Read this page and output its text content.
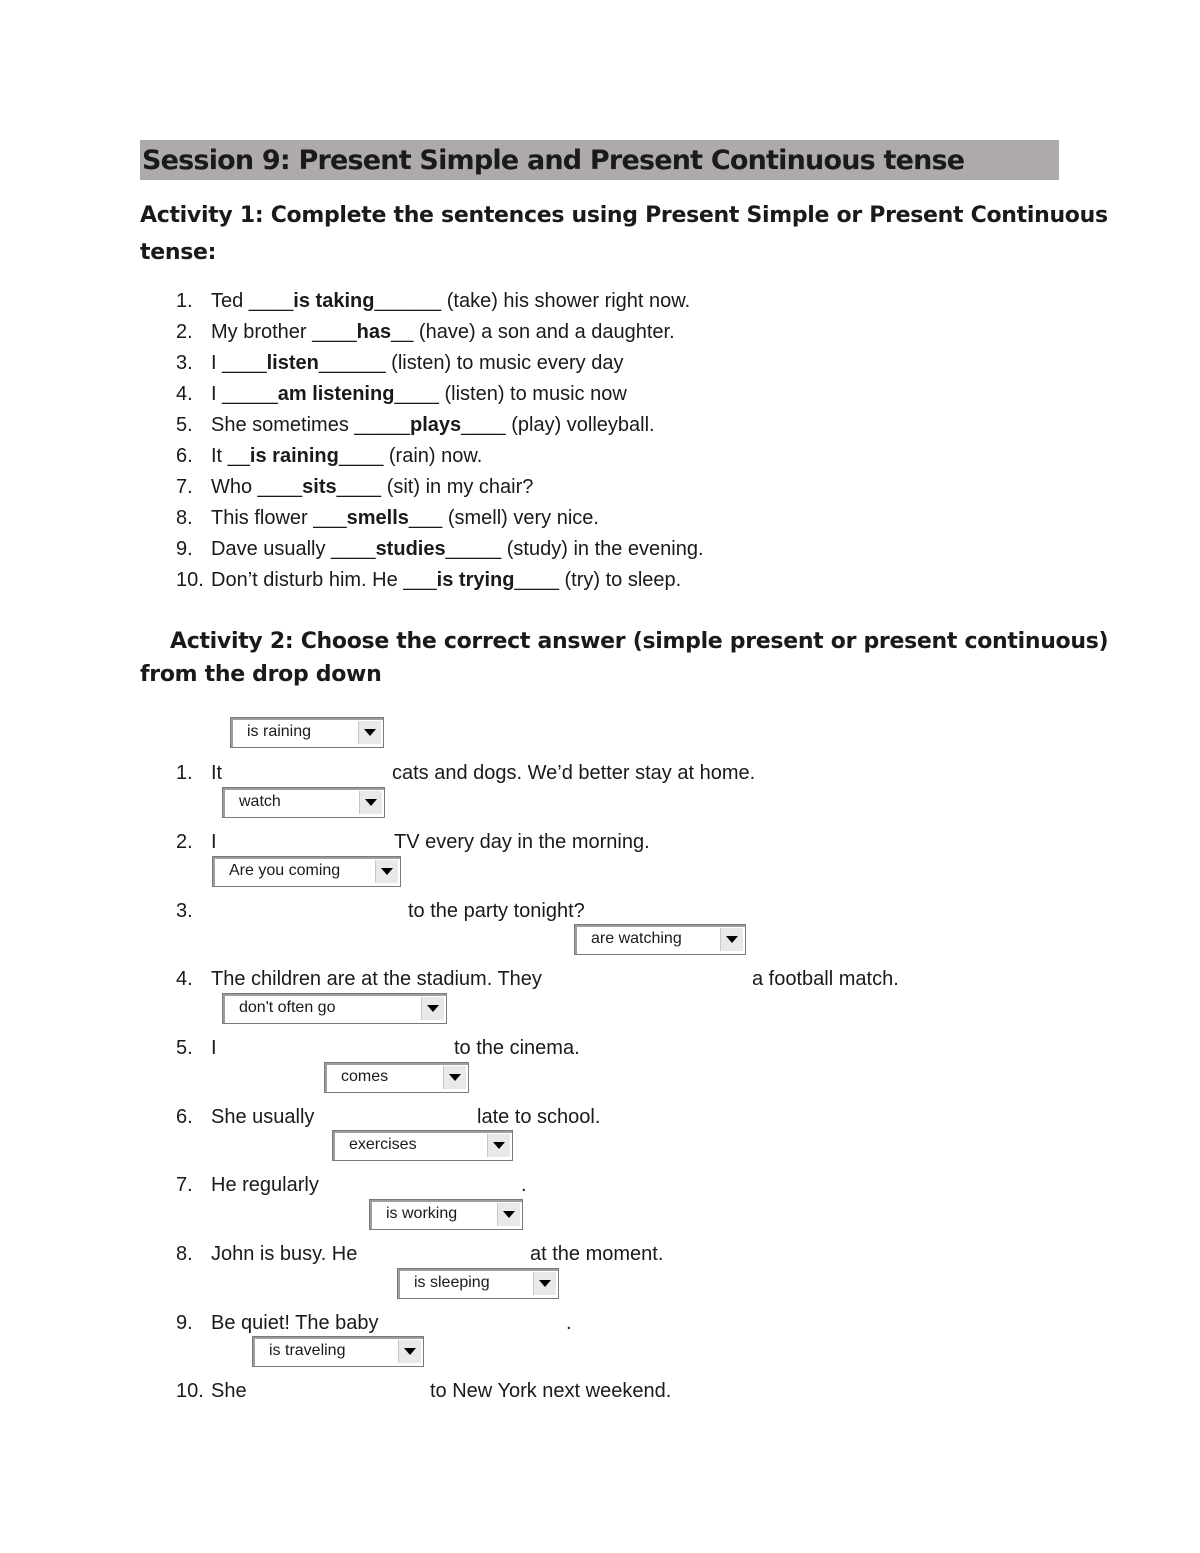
Session 9: Present Simple and Present Continuous tense
Activity 1: Complete the sentences using Present Simple or Present Continuous
tense:
1. Ted ____is taking______ (take) his shower right now.
2. My brother ____has__ (have) a son and a daughter.
3. I ____listen______ (listen) to music every day
4. I _____am listening____ (listen) to music now
5. She sometimes _____plays____ (play) volleyball.
6. It __is raining____ (rain) now.
7. Who ____sits____ (sit) in my chair?
8. This flower ___smells___ (smell) very nice.
9. Dave usually ____studies_____ (study) in the evening.
10. Don’t disturb him. He ___is trying____ (try) to sleep.
Activity 2: Choose the correct answer (simple present or present continuous)
from the drop down
1. It	cats and dogs. We’d better stay at home.
2. I	TV every day in the morning.
3.	to the party tonight?
4. The children are at the stadium. They	a football match.
5. I	to the cinema.
6. She usually	late to school.
7. He regularly	.
8. John is busy. He	at the moment.
9. Be quiet! The baby	.
10. She	to New York next weekend.
is raining
watch
Are you coming
are watching
don't often go
comes
exercises
is working
is sleeping
is traveling
